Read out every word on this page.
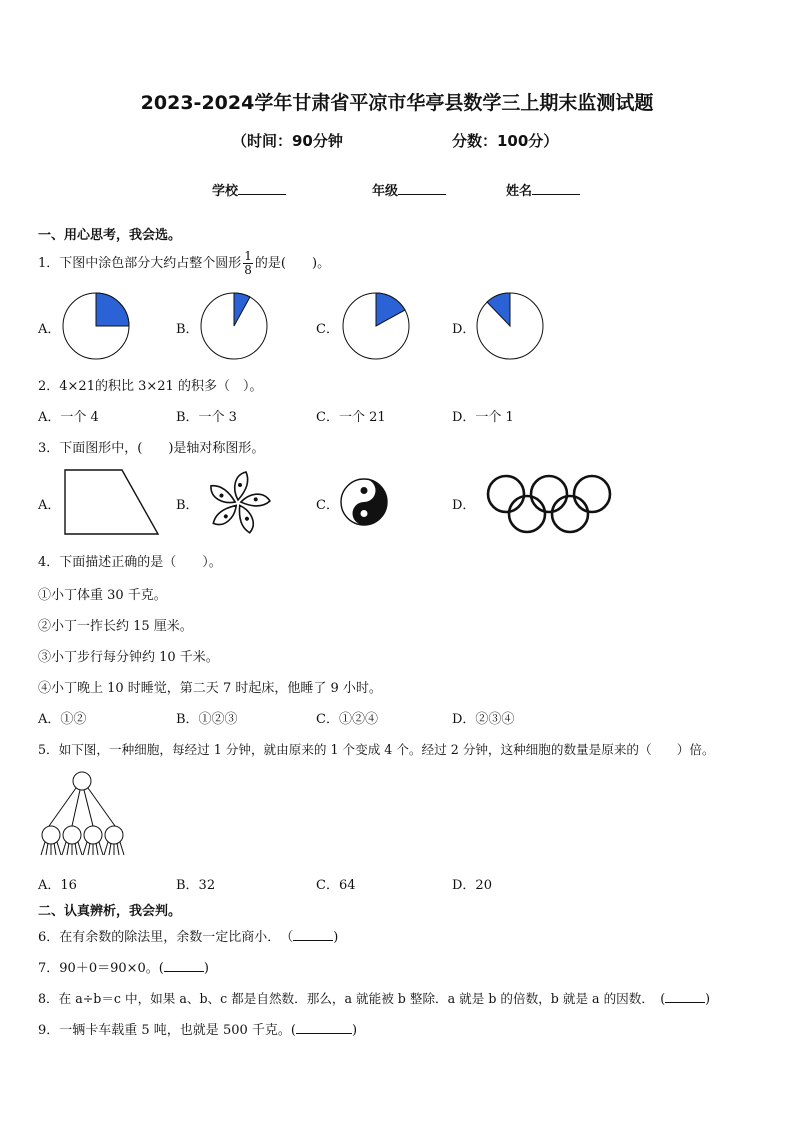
2023-2024学年甘肃省平凉市华亭县数学三上期末监测试题
（时间：90分钟	分数：100分）
学校	年级	姓名
一、用心思考，我会选。
1．下图中涂色部分大约占整个圆形 $\frac{1}{8}$ 的是(　　)。
A．	B．	C．	D．
2．4×21的积比 3×21 的积多（　）。
A．一个 4	B．一个 3	C．一个 21	D．一个 1
3．下面图形中，(　　)是轴对称图形。
A．	B．	C．	D．
4．下面描述正确的是（　　）。
①小丁体重 30 千克。
②小丁一拃长约 15 厘米。
③小丁步行每分钟约 10 千米。
④小丁晚上 10 时睡觉，第二天 7 时起床，他睡了 9 小时。
A．①②	B．①②③	C．①②④	D．②③④
5．如下图，一种细胞，每经过 1 分钟，就由原来的 1 个变成 4 个。经过 2 分钟，这种细胞的数量是原来的（　　）倍。
A．16	B．32	C．64	D．20
二、认真辨析，我会判。
6．在有余数的除法里，余数一定比商小．　（	)
7．90＋0＝90×0。(	)
8．在 a÷b＝c 中，如果 a、b、c 都是自然数．那么，a 就能被 b 整除．a 就是 b 的倍数，b 就是 a 的因数．　(	)
9．一辆卡车载重 5 吨，也就是 500 千克。(	)
